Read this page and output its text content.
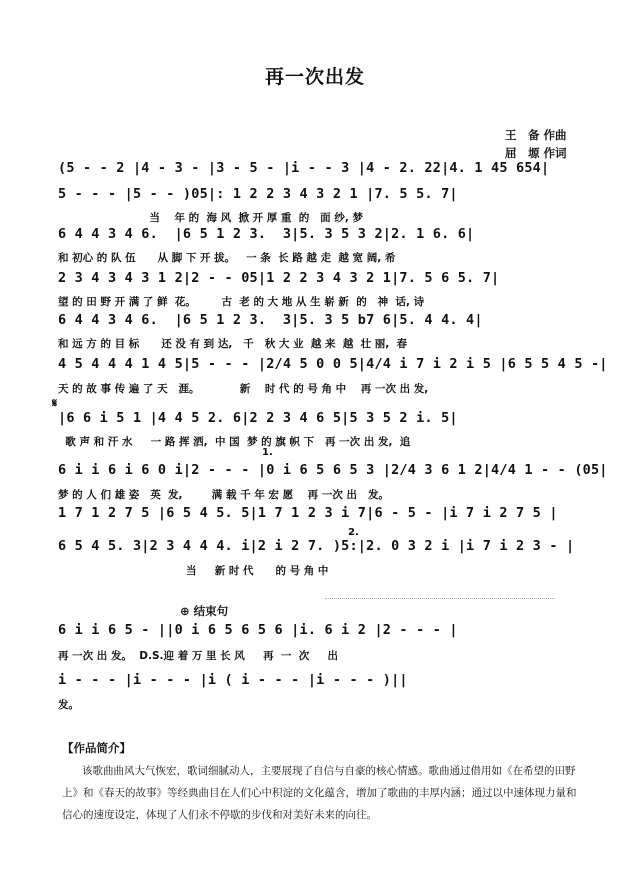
再一次出发
王　备 作曲
屈　塬 作词
(5 - - 2 |4 - 3 - |3 - 5 - |i - - 3 |4 - 2. 22|4. 1 45 654|
5 - - - |5 - - )05|: 1 2 2 3 4 3 2 1 |7. 5 5. 7|
当    年 的  海 风  掀 开 厚 重  的   面 纱, 梦
6 4 4 3 4 6.  |6 5 1 2 3.  3|5. 3 5 3 2|2. 1 6. 6|
和 初心 的 队 伍      从 脚 下 开 拔。   一 条  长 路 越 走  越 宽 阔, 希
2 3 4 3 4 3 1 2|2 - - 05|1 2 2 3 4 3 2 1|7. 5 6 5. 7|
望 的 田 野 开 满 了 鲜  花。       古  老 的 大 地 从 生 崭 新  的   神  话, 诗
6 4 4 3 4 6.  |6 5 1 2 3.  3|5. 3 5 b7 6|5. 4 4. 4|
和 远 方 的 目 标      还 没 有 到 达,   千   秋 大 业  越 来  越  壮 丽,  春
4 5 4 4 4 1 4 5|5 - - - |2/4 5 0 0 5|4/4 i 7 i 2 i 5 |6 5 5 4 5 -|
天 的 故 事 传 遍 了 天   涯。           新    时 代 的 号 角 中    再 一次 出 发,
𝄋
|6 6 i 5 1 |4 4 5 2. 6|2 2 3 4 6 5|5 3 5 2 i. 5|
歌 声 和 汗 水     一 路 挥 洒,  中 国  梦 的 旗 帜 下   再 一次 出 发,  追
1.
6 i i 6 i 6 0 i|2 - - - |0 i 6 5 6 5 3 |2/4 3 6 1 2|4/4 1 - - (05|
梦 的 人 们 雄 姿   英  发,        满 载 千 年 宏 愿    再 一次 出   发。
1 7 1 2 7 5 |6 5 4 5. 5|1 7 1 2 3 i 7|6 - 5 - |i 7 i 2 7 5 |
2.
6 5 4 5. 3|2 3 4 4 4. i|2 i 2 7. )5:|2. 0 3 2 i |i 7 i 2 3 - |
当     新 时 代      的 号 角 中
⊕ 结束句
6 i i 6 5 - ||0 i 6 5 6 5 6 |i. 6 i 2 |2 - - - |
再 一次 出 发。  D.S.迎 着 万 里 长 风     再  一  次     出
i - - - |i - - - |i ( i - - - |i - - - )||
发。
【作品简介】
该歌曲曲风大气恢宏，歌词细腻动人，主要展现了自信与自豪的核心情感。歌曲通过借用如《在希望的田野上》和《春天的故事》等经典曲目在人们心中积淀的文化蕴含，增加了歌曲的丰厚内涵；通过以中速体现力量和信心的速度设定，体现了人们永不停歇的步伐和对美好未来的向往。
